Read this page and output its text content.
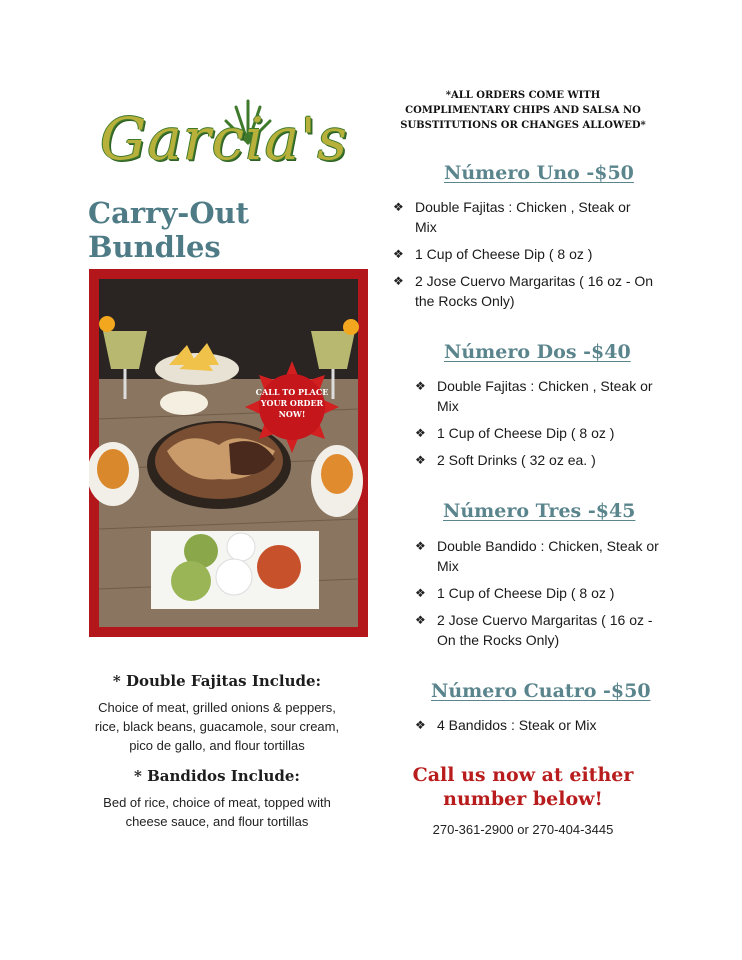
Garcia's
Carry-Out Bundles
CALL TO PLACE YOUR ORDER NOW!
* Double Fajitas Include:
Choice of meat, grilled onions & peppers, rice, black beans, guacamole, sour cream, pico de gallo, and flour tortillas
* Bandidos Include:
Bed of rice, choice of meat, topped with cheese sauce, and flour tortillas
*ALL ORDERS COME WITH COMPLIMENTARY CHIPS AND SALSA NO SUBSTITUTIONS OR CHANGES ALLOWED*
Número Uno -$50
❖ Double Fajitas : Chicken , Steak or Mix
❖ 1 Cup of Cheese Dip ( 8 oz )
❖ 2 Jose Cuervo Margaritas ( 16 oz - On the Rocks Only)
Número Dos -$40
❖ Double Fajitas : Chicken , Steak or Mix
❖ 1 Cup of Cheese Dip ( 8 oz )
❖ 2 Soft Drinks ( 32 oz ea. )
Número Tres -$45
❖ Double Bandido : Chicken, Steak or Mix
❖ 1 Cup of Cheese Dip ( 8 oz )
❖ 2 Jose Cuervo Margaritas ( 16 oz - On the Rocks Only)
Número Cuatro -$50
❖ 4 Bandidos : Steak or Mix
Call us now at either number below!
270-361-2900 or 270-404-3445
